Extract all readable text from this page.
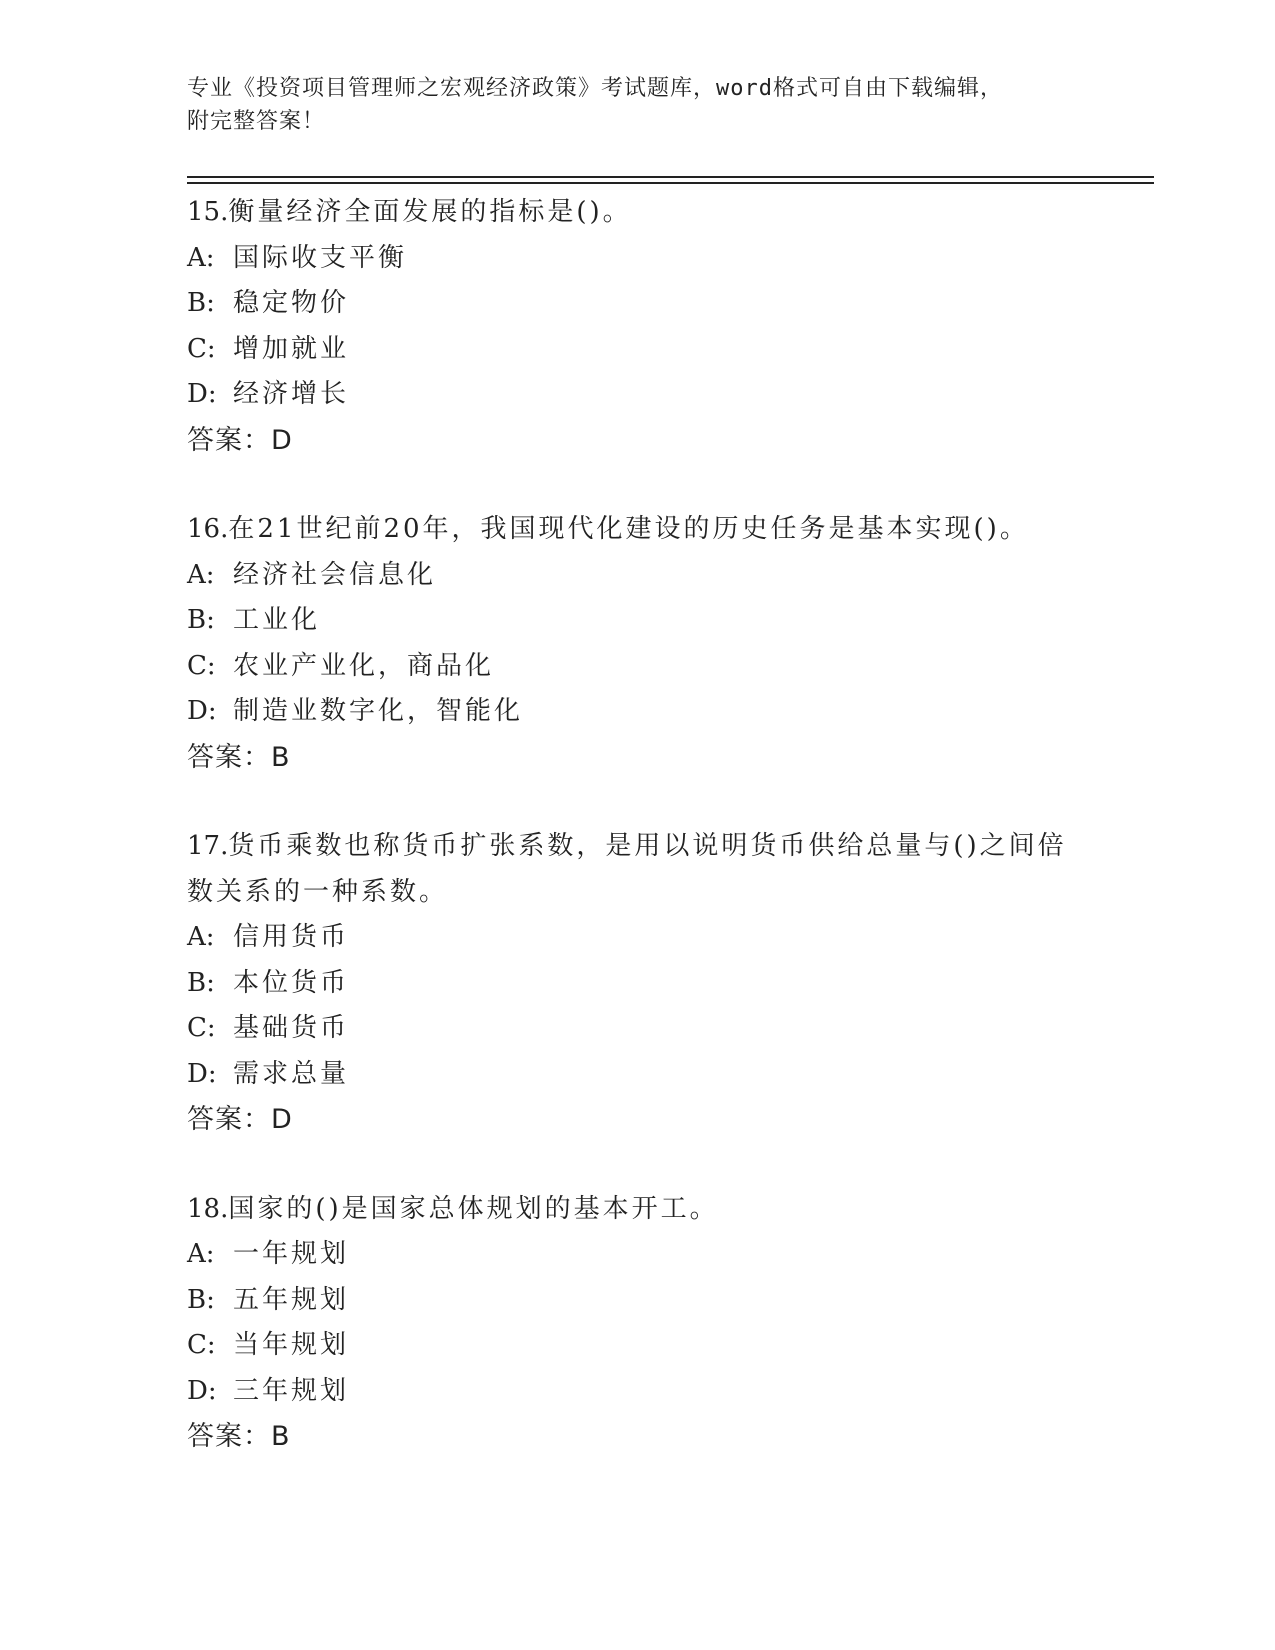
专业《投资项目管理师之宏观经济政策》考试题库，word格式可自由下载编辑，
附完整答案！
15.衡量经济全面发展的指标是()。
A: 国际收支平衡
B: 稳定物价
C: 增加就业
D: 经济增长
答案：D
16.在21世纪前20年，我国现代化建设的历史任务是基本实现()。
A: 经济社会信息化
B: 工业化
C: 农业产业化，商品化
D: 制造业数字化，智能化
答案：B
17.货币乘数也称货币扩张系数，是用以说明货币供给总量与()之间倍
数关系的一种系数。
A: 信用货币
B: 本位货币
C: 基础货币
D: 需求总量
答案：D
18.国家的()是国家总体规划的基本开工。
A: 一年规划
B: 五年规划
C: 当年规划
D: 三年规划
答案：B
